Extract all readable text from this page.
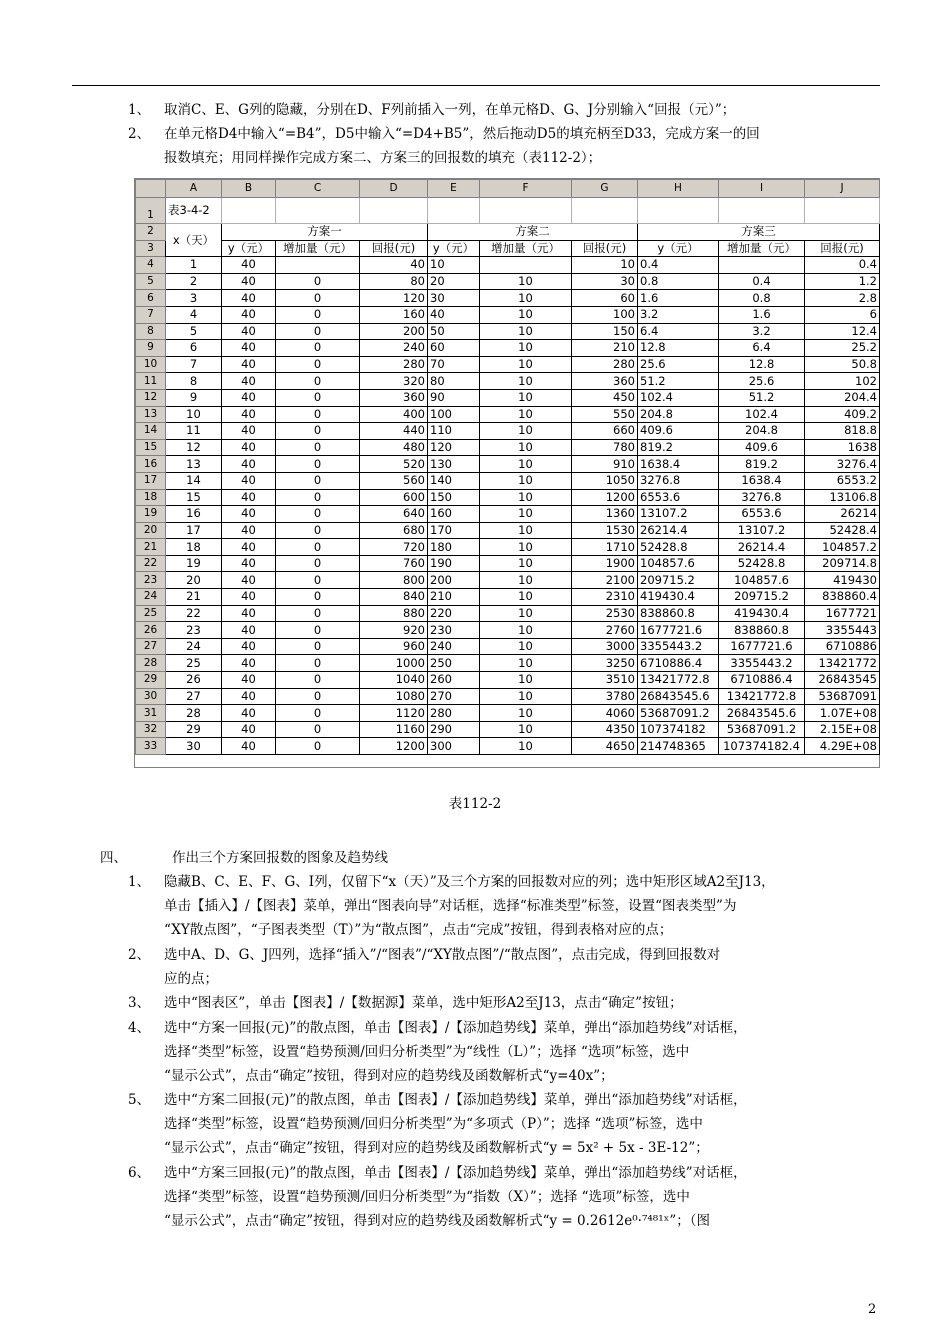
1、 取消C、E、G列的隐藏，分别在D、F列前插入一列，在单元格D、G、J分别输入“回报（元）”；
2、 在单元格D4中输入“=B4”，D5中输入“=D4+B5”，然后拖动D5的填充柄至D33，完成方案一的回
报数填充；用同样操作完成方案二、方案三的回报数的填充（表112-2）；
	A	B	C	D	E	F	G	H	I	J
1	表3-4-2									
2	x（天）	方案一			方案二			方案三		
3		y（元）	增加量（元）	回报(元)	y（元）	增加量（元）	回报(元)	y（元）	增加量（元）	回报(元)
4	1	40		40	10		10	0.4		0.4
5	2	40	0	80	20	10	30	0.8	0.4	1.2
6	3	40	0	120	30	10	60	1.6	0.8	2.8
7	4	40	0	160	40	10	100	3.2	1.6	6
8	5	40	0	200	50	10	150	6.4	3.2	12.4
9	6	40	0	240	60	10	210	12.8	6.4	25.2
10	7	40	0	280	70	10	280	25.6	12.8	50.8
11	8	40	0	320	80	10	360	51.2	25.6	102
12	9	40	0	360	90	10	450	102.4	51.2	204.4
13	10	40	0	400	100	10	550	204.8	102.4	409.2
14	11	40	0	440	110	10	660	409.6	204.8	818.8
15	12	40	0	480	120	10	780	819.2	409.6	1638
16	13	40	0	520	130	10	910	1638.4	819.2	3276.4
17	14	40	0	560	140	10	1050	3276.8	1638.4	6553.2
18	15	40	0	600	150	10	1200	6553.6	3276.8	13106.8
19	16	40	0	640	160	10	1360	13107.2	6553.6	26214
20	17	40	0	680	170	10	1530	26214.4	13107.2	52428.4
21	18	40	0	720	180	10	1710	52428.8	26214.4	104857.2
22	19	40	0	760	190	10	1900	104857.6	52428.8	209714.8
23	20	40	0	800	200	10	2100	209715.2	104857.6	419430
24	21	40	0	840	210	10	2310	419430.4	209715.2	838860.4
25	22	40	0	880	220	10	2530	838860.8	419430.4	1677721
26	23	40	0	920	230	10	2760	1677721.6	838860.8	3355443
27	24	40	0	960	240	10	3000	3355443.2	1677721.6	6710886
28	25	40	0	1000	250	10	3250	6710886.4	3355443.2	13421772
29	26	40	0	1040	260	10	3510	13421772.8	6710886.4	26843545
30	27	40	0	1080	270	10	3780	26843545.6	13421772.8	53687091
31	28	40	0	1120	280	10	4060	53687091.2	26843545.6	1.07E+08
32	29	40	0	1160	290	10	4350	107374182	53687091.2	2.15E+08
33	30	40	0	1200	300	10	4650	214748365	107374182.4	4.29E+08
表112-2
四、	作出三个方案回报数的图象及趋势线
1、 隐藏B、C、E、F、G、I列，仅留下“x（天）”及三个方案的回报数对应的列；选中矩形区域A2至J13，
单击【插入】/【图表】菜单，弹出“图表向导”对话框，选择“标准类型”标签，设置“图表类型”为
“XY散点图”，“子图表类型（T）”为“散点图”，点击“完成”按钮，得到表格对应的点；
2、 选中A、D、G、J四列，选择“插入”/“图表”/“XY散点图”/“散点图”，点击完成，得到回报数对
应的点；
3、 选中“图表区”，单击【图表】/【数据源】菜单，选中矩形A2至J13，点击“确定”按钮；
4、 选中“方案一回报(元)”的散点图，单击【图表】/【添加趋势线】菜单，弹出“添加趋势线”对话框，
选择“类型”标签，设置“趋势预测/回归分析类型”为“线性（L）”；选择 “选项”标签，选中
“显示公式”，点击“确定”按钮，得到对应的趋势线及函数解析式“y=40x”；
5、 选中“方案二回报(元)”的散点图，单击【图表】/【添加趋势线】菜单，弹出“添加趋势线”对话框，
选择“类型”标签，设置“趋势预测/回归分析类型”为“多项式（P）”；选择 “选项”标签，选中
“显示公式”，点击“确定”按钮，得到对应的趋势线及函数解析式“y = 5x² + 5x - 3E-12”；
6、 选中“方案三回报(元)”的散点图，单击【图表】/【添加趋势线】菜单，弹出“添加趋势线”对话框，
选择“类型”标签，设置“趋势预测/回归分析类型”为“指数（X）”；选择 “选项”标签，选中
“显示公式”，点击“确定”按钮，得到对应的趋势线及函数解析式“y = 0.2612e⁰·⁷⁴⁸¹ˣ”；（图
2
